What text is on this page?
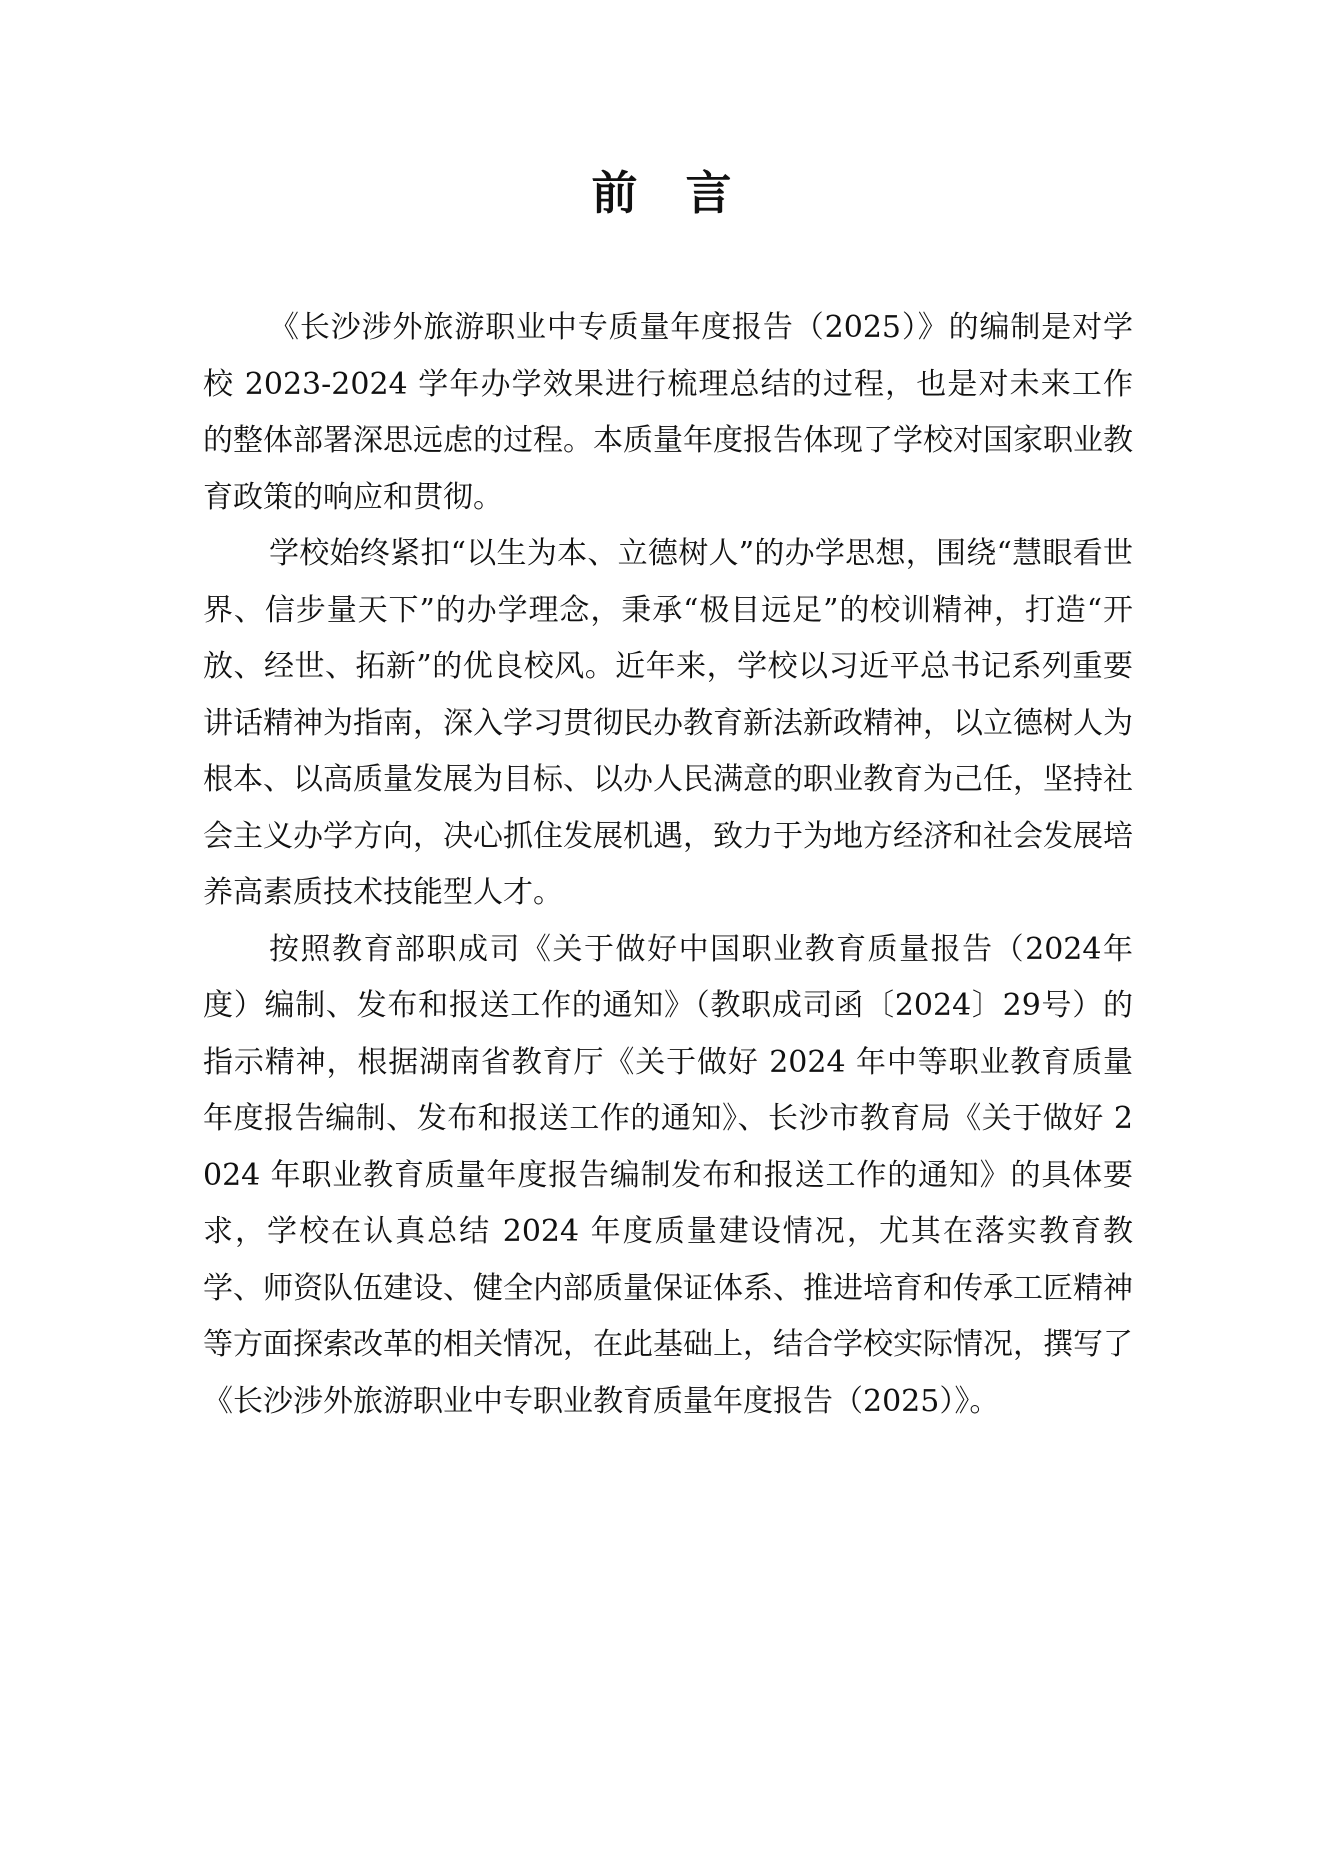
前言

《长沙涉外旅游职业中专质量年度报告（2025）》的编制是对学校 2023-2024 学年办学效果进行梳理总结的过程，也是对未来工作的整体部署深思远虑的过程。本质量年度报告体现了学校对国家职业教育政策的响应和贯彻。

学校始终紧扣“以生为本、立德树人”的办学思想，围绕“慧眼看世界、信步量天下”的办学理念，秉承“极目远足”的校训精神，打造“开放、经世、拓新”的优良校风。近年来，学校以习近平总书记系列重要讲话精神为指南，深入学习贯彻民办教育新法新政精神，以立德树人为根本、以高质量发展为目标、以办人民满意的职业教育为己任，坚持社会主义办学方向，决心抓住发展机遇，致力于为地方经济和社会发展培养高素质技术技能型人才。

按照教育部职成司《关于做好中国职业教育质量报告（2024年度）编制、发布和报送工作的通知》（教职成司函〔2024〕29号）的指示精神，根据湖南省教育厅《关于做好 2024 年中等职业教育质量年度报告编制、发布和报送工作的通知》、长沙市教育局《关于做好 2024 年职业教育质量年度报告编制发布和报送工作的通知》的具体要求，学校在认真总结 2024 年度质量建设情况，尤其在落实教育教学、师资队伍建设、健全内部质量保证体系、推进培育和传承工匠精神等方面探索改革的相关情况，在此基础上，结合学校实际情况，撰写了《长沙涉外旅游职业中专职业教育质量年度报告（2025）》。
